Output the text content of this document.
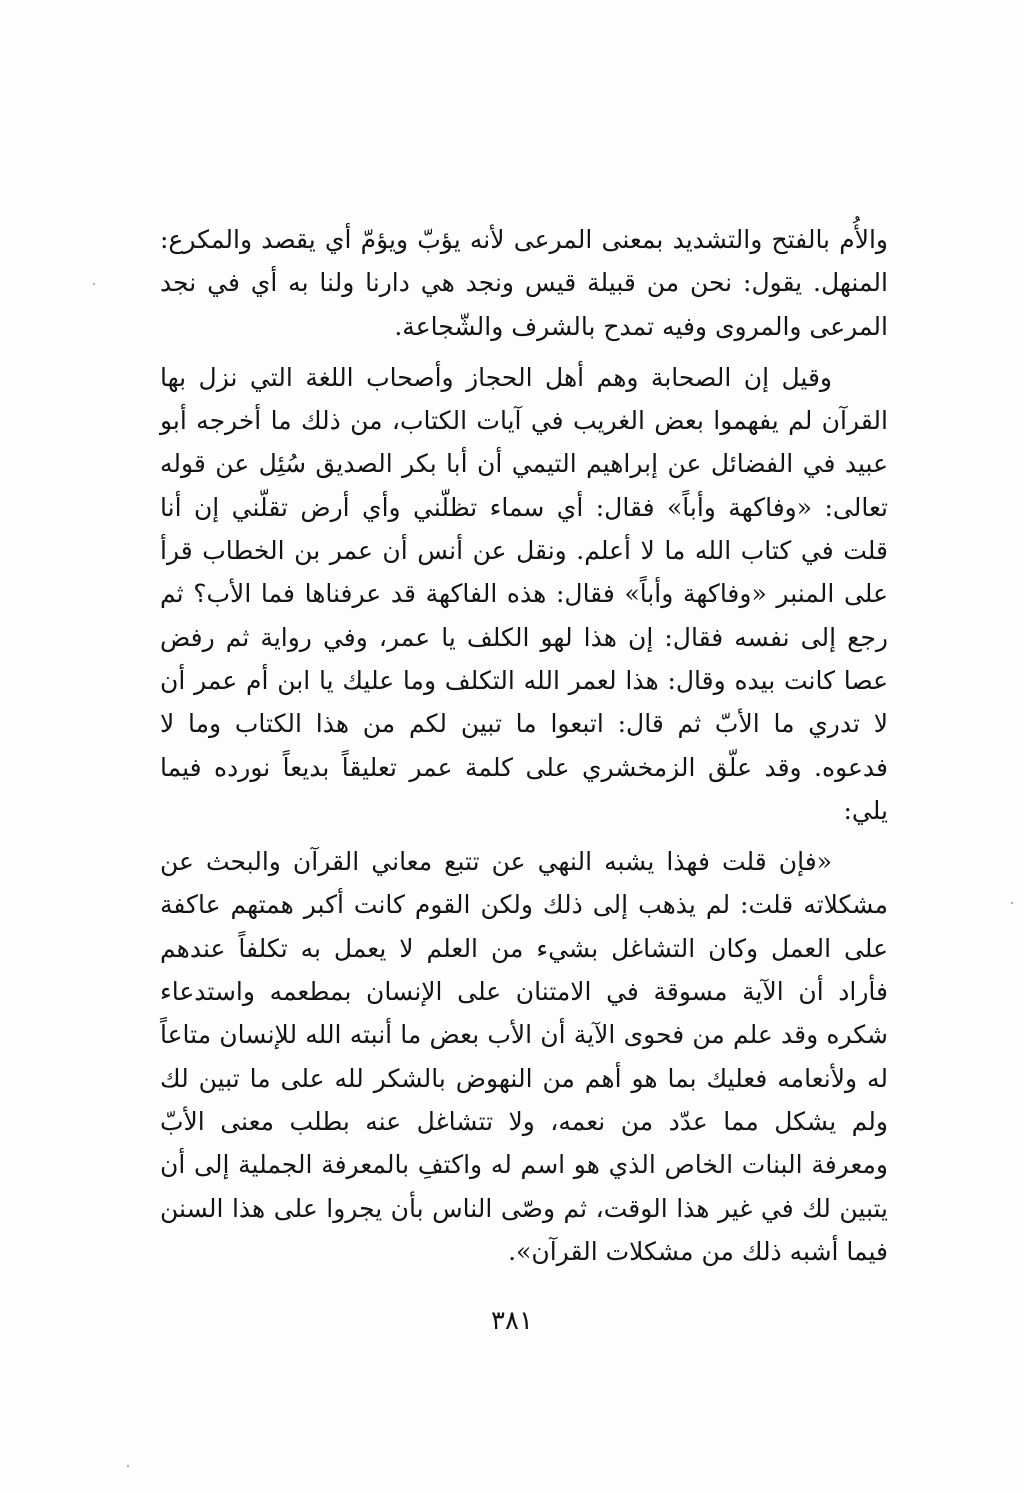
والأُم بالفتح والتشديد بمعنى المرعى لأنه يؤبّ ويؤمّ أي يقصد والمكرع: المنهل. يقول: نحن من قبيلة قيس ونجد هي دارنا ولنا به أي في نجد المرعى والمروى وفيه تمدح بالشرف والشّجاعة.

وقيل إن الصحابة وهم أهل الحجاز وأصحاب اللغة التي نزل بها القرآن لم يفهموا بعض الغريب في آيات الكتاب، من ذلك ما أخرجه أبو عبيد في الفضائل عن إبراهيم التيمي أن أبا بكر الصديق سُئِل عن قوله تعالى: «وفاكهة وأباً» فقال: أي سماء تظلّني وأي أرض تقلّني إن أنا قلت في كتاب الله ما لا أعلم. ونقل عن أنس أن عمر بن الخطاب قرأ على المنبر «وفاكهة وأباً» فقال: هذه الفاكهة قد عرفناها فما الأب؟ ثم رجع إلى نفسه فقال: إن هذا لهو الكلف يا عمر، وفي رواية ثم رفض عصا كانت بيده وقال: هذا لعمر الله التكلف وما عليك يا ابن أم عمر أن لا تدري ما الأبّ ثم قال: اتبعوا ما تبين لكم من هذا الكتاب وما لا فدعوه. وقد علّق الزمخشري على كلمة عمر تعليقاً بديعاً نورده فيما يلي:

«فإن قلت فهذا يشبه النهي عن تتبع معاني القرآن والبحث عن مشكلاته قلت: لم يذهب إلى ذلك ولكن القوم كانت أكبر همتهم عاكفة على العمل وكان التشاغل بشيء من العلم لا يعمل به تكلفاً عندهم فأراد أن الآية مسوقة في الامتنان على الإنسان بمطعمه واستدعاء شكره وقد علم من فحوى الآية أن الأب بعض ما أنبته الله للإنسان متاعاً له ولأنعامه فعليك بما هو أهم من النهوض بالشكر لله على ما تبين لك ولم يشكل مما عدّد من نعمه، ولا تتشاغل عنه بطلب معنى الأبّ ومعرفة البنات الخاص الذي هو اسم له واكتفِ بالمعرفة الجملية إلى أن يتبين لك في غير هذا الوقت، ثم وصّى الناس بأن يجروا على هذا السنن فيما أشبه ذلك من مشكلات القرآن».

٣٨١
